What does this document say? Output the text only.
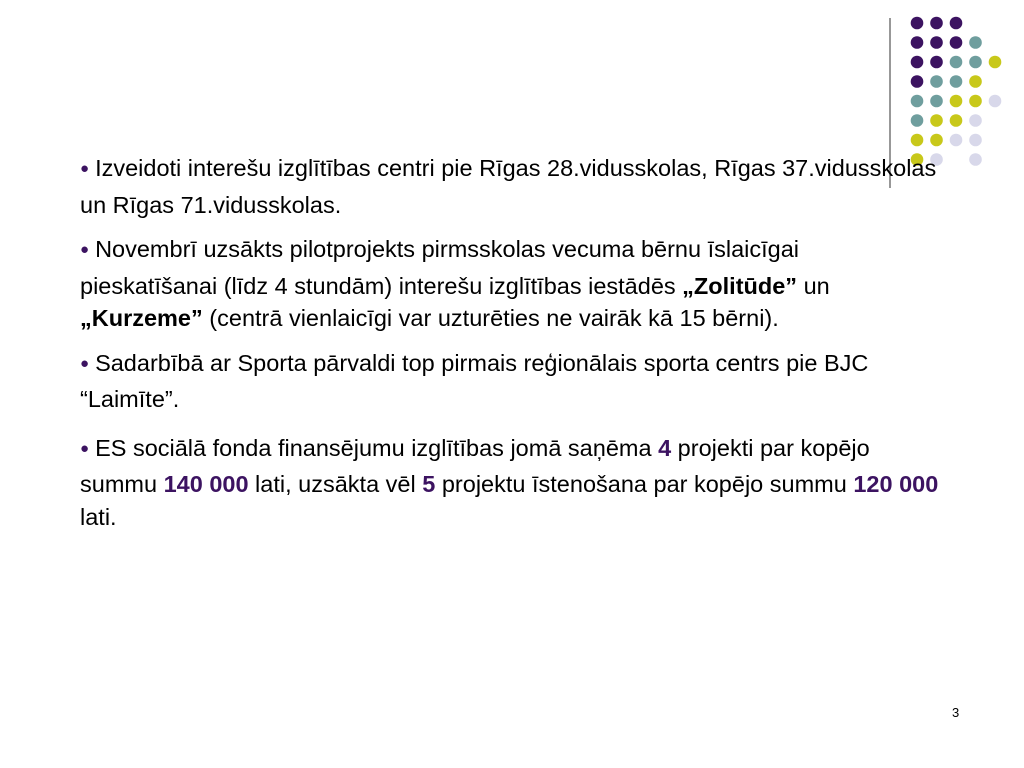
● Izveidoti interešu izglītības centri pie Rīgas 28.vidusskolas, Rīgas 37.vidusskolas un Rīgas 71.vidusskolas.

● Novembrī uzsākts pilotprojekts pirmsskolas vecuma bērnu īslaicīgai pieskatīšanai (līdz 4 stundām) interešu izglītības iestādēs „Zolitūde” un „Kurzeme” (centrā vienlaicīgi var uzturēties ne vairāk kā 15 bērni).

● Sadarbībā ar Sporta pārvaldi top pirmais reģionālais sporta centrs pie BJC “Laimīte”.

● ES sociālā fonda finansējumu izglītības jomā saņēma 4 projekti par kopējo summu 140 000 lati, uzsākta vēl 5 projektu īstenošana par kopējo summu 120 000 lati.

3
